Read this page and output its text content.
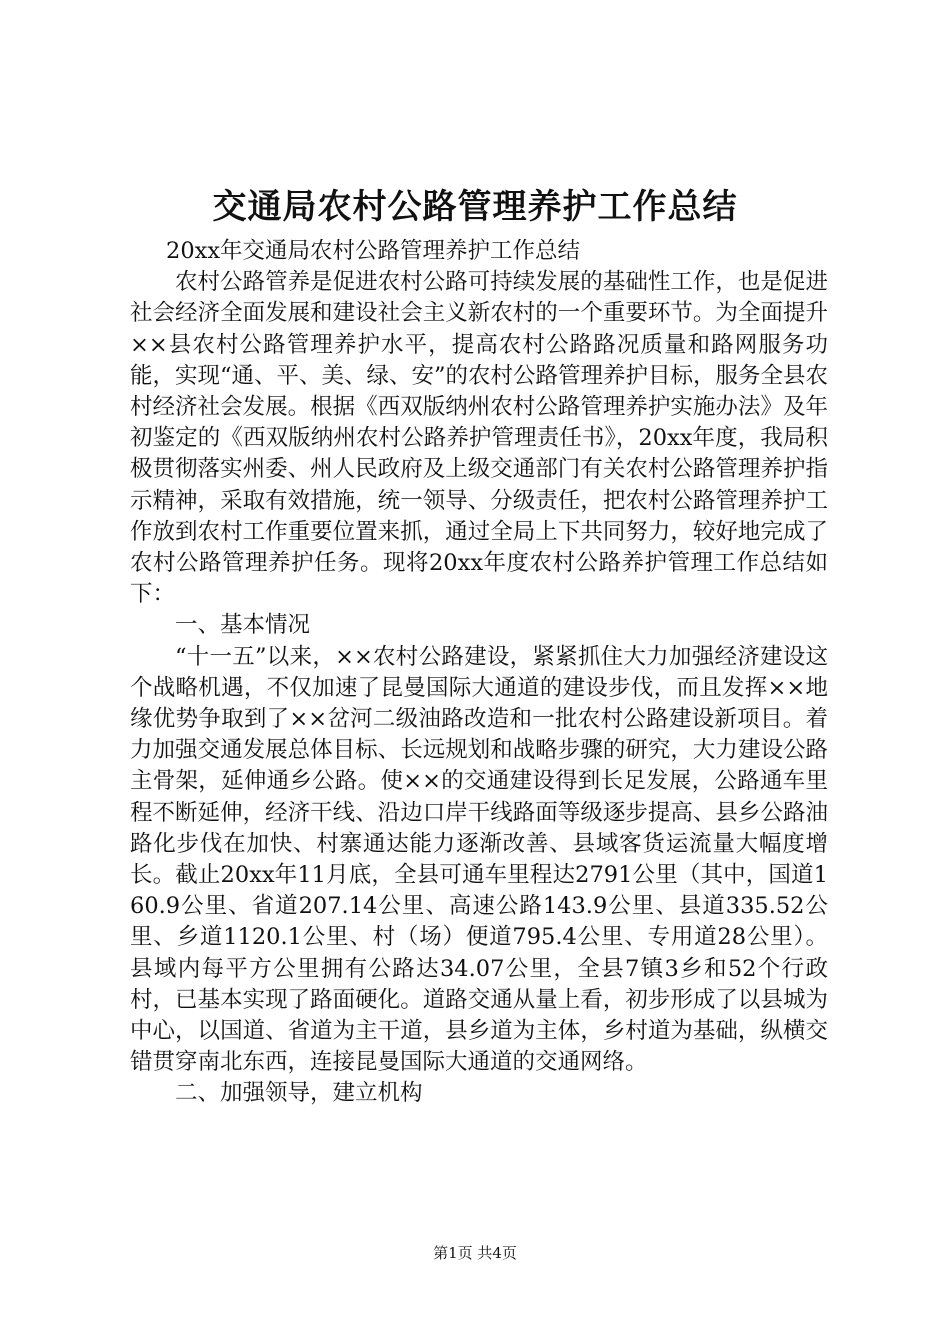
交通局农村公路管理养护工作总结

20xx年交通局农村公路管理养护工作总结

农村公路管养是促进农村公路可持续发展的基础性工作，也是促进社会经济全面发展和建设社会主义新农村的一个重要环节。为全面提升××县农村公路管理养护水平，提高农村公路路况质量和路网服务功能，实现“通、平、美、绿、安”的农村公路管理养护目标，服务全县农村经济社会发展。根据《西双版纳州农村公路管理养护实施办法》及年初鉴定的《西双版纳州农村公路养护管理责任书》，20xx年度，我局积极贯彻落实州委、州人民政府及上级交通部门有关农村公路管理养护指示精神，采取有效措施，统一领导、分级责任，把农村公路管理养护工作放到农村工作重要位置来抓，通过全局上下共同努力，较好地完成了农村公路管理养护任务。现将20xx年度农村公路养护管理工作总结如下：

一、基本情况

“十一五”以来，××农村公路建设，紧紧抓住大力加强经济建设这个战略机遇，不仅加速了昆曼国际大通道的建设步伐，而且发挥××地缘优势争取到了××岔河二级油路改造和一批农村公路建设新项目。着力加强交通发展总体目标、长远规划和战略步骤的研究，大力建设公路主骨架，延伸通乡公路。使××的交通建设得到长足发展，公路通车里程不断延伸，经济干线、沿边口岸干线路面等级逐步提高、县乡公路油路化步伐在加快、村寨通达能力逐渐改善、县域客货运流量大幅度增长。截止20xx年11月底，全县可通车里程达2791公里（其中，国道160.9公里、省道207.14公里、高速公路143.9公里、县道335.52公里、乡道1120.1公里、村（场）便道795.4公里、专用道28公里）。县域内每平方公里拥有公路达34.07公里，全县7镇3乡和52个行政村，已基本实现了路面硬化。道路交通从量上看，初步形成了以县城为中心，以国道、省道为主干道，县乡道为主体，乡村道为基础，纵横交错贯穿南北东西，连接昆曼国际大通道的交通网络。

二、加强领导，建立机构

第1页 共4页
